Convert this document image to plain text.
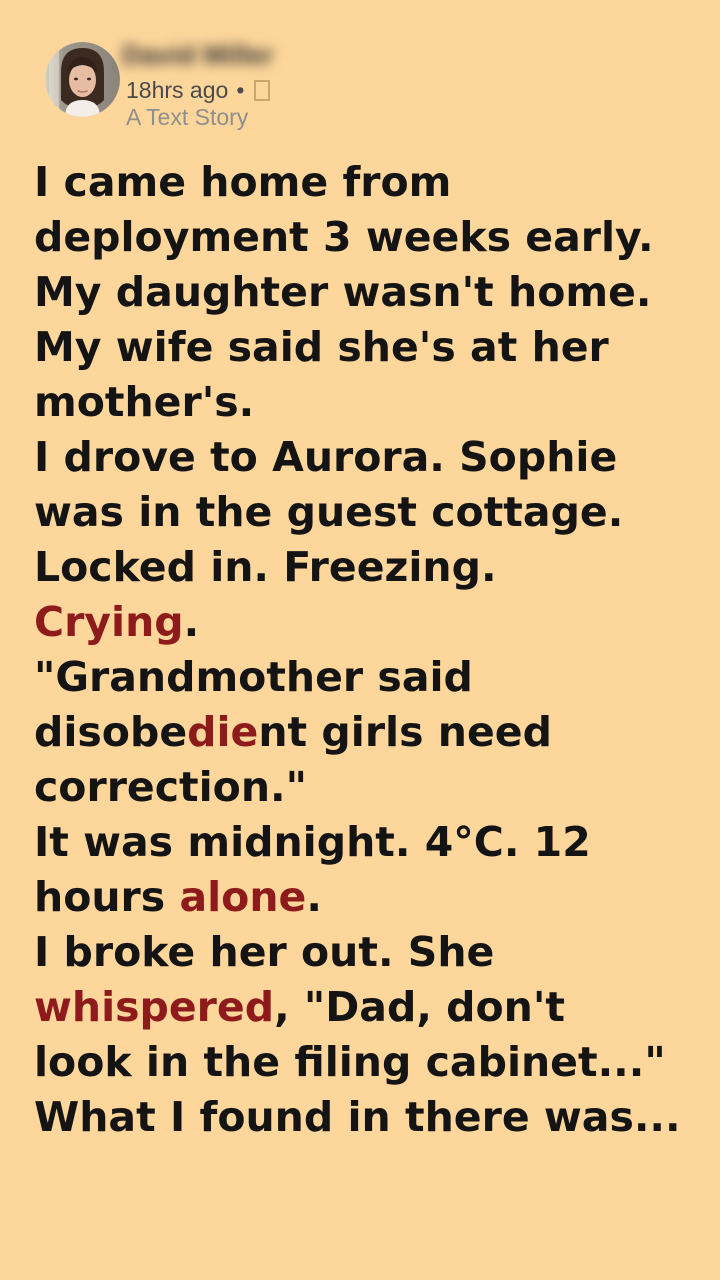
David Miller
18hrs ago •
A Text Story
I came home from
deployment 3 weeks early.
My daughter wasn't home.
My wife said she's at her
mother's.
I drove to Aurora. Sophie
was in the guest cottage.
Locked in. Freezing.
Crying.
"Grandmother said
disobedient girls need
correction."
It was midnight. 4°C. 12
hours alone.
I broke her out. She
whispered, "Dad, don't
look in the filing cabinet..."
What I found in there was...
